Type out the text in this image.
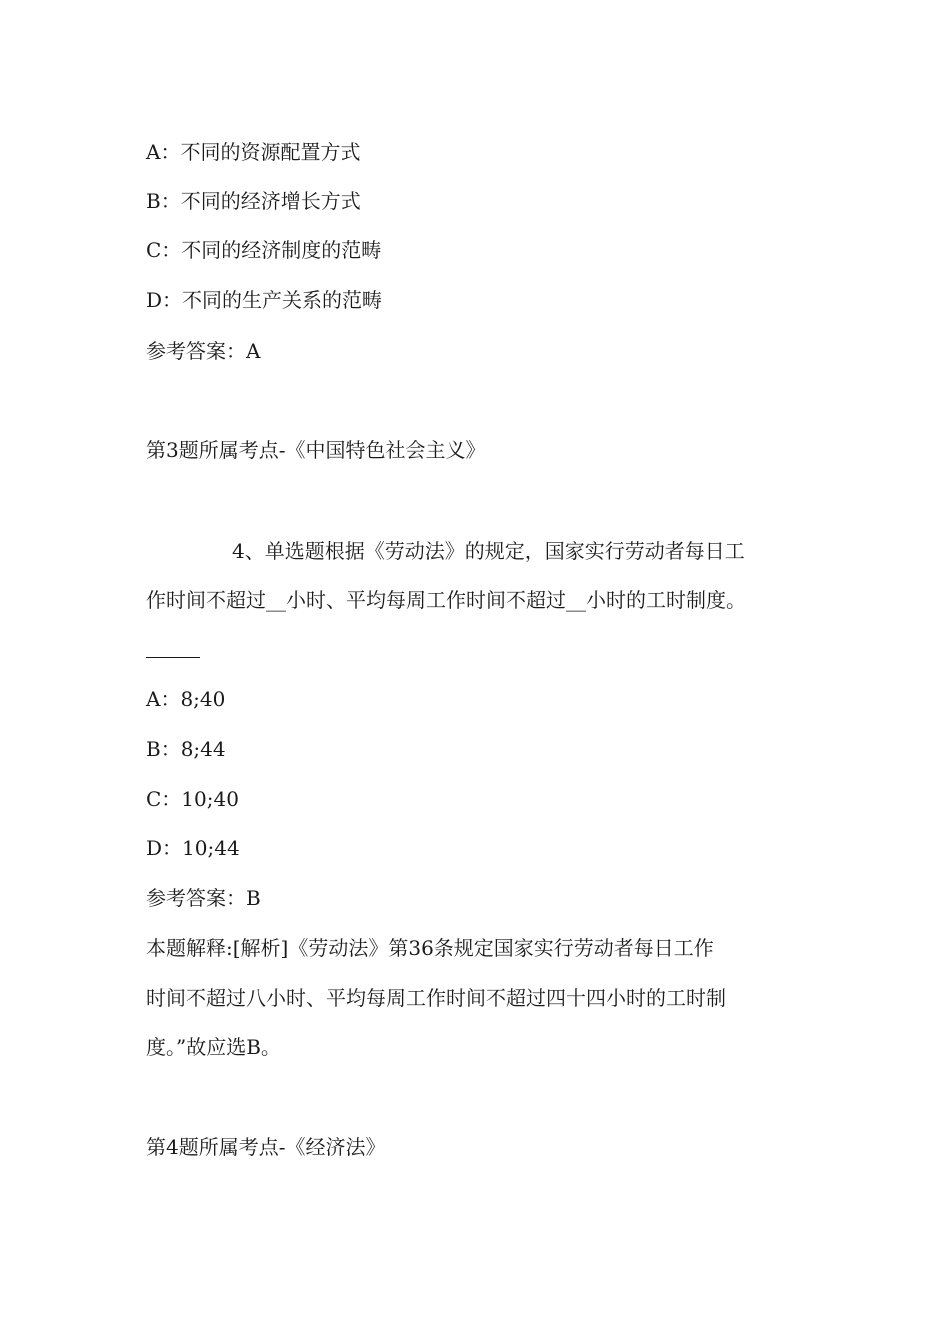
A：不同的资源配置方式
B：不同的经济增长方式
C：不同的经济制度的范畴
D：不同的生产关系的范畴
参考答案：A
第3题所属考点-《中国特色社会主义》
4、单选题根据《劳动法》的规定，国家实行劳动者每日工
作时间不超过__小时、平均每周工作时间不超过__小时的工时制度。
A：8;40
B：8;44
C：10;40
D：10;44
参考答案：B
本题解释:[解析]《劳动法》第36条规定国家实行劳动者每日工作
时间不超过八小时、平均每周工作时间不超过四十四小时的工时制
度。”故应选B。
第4题所属考点-《经济法》
